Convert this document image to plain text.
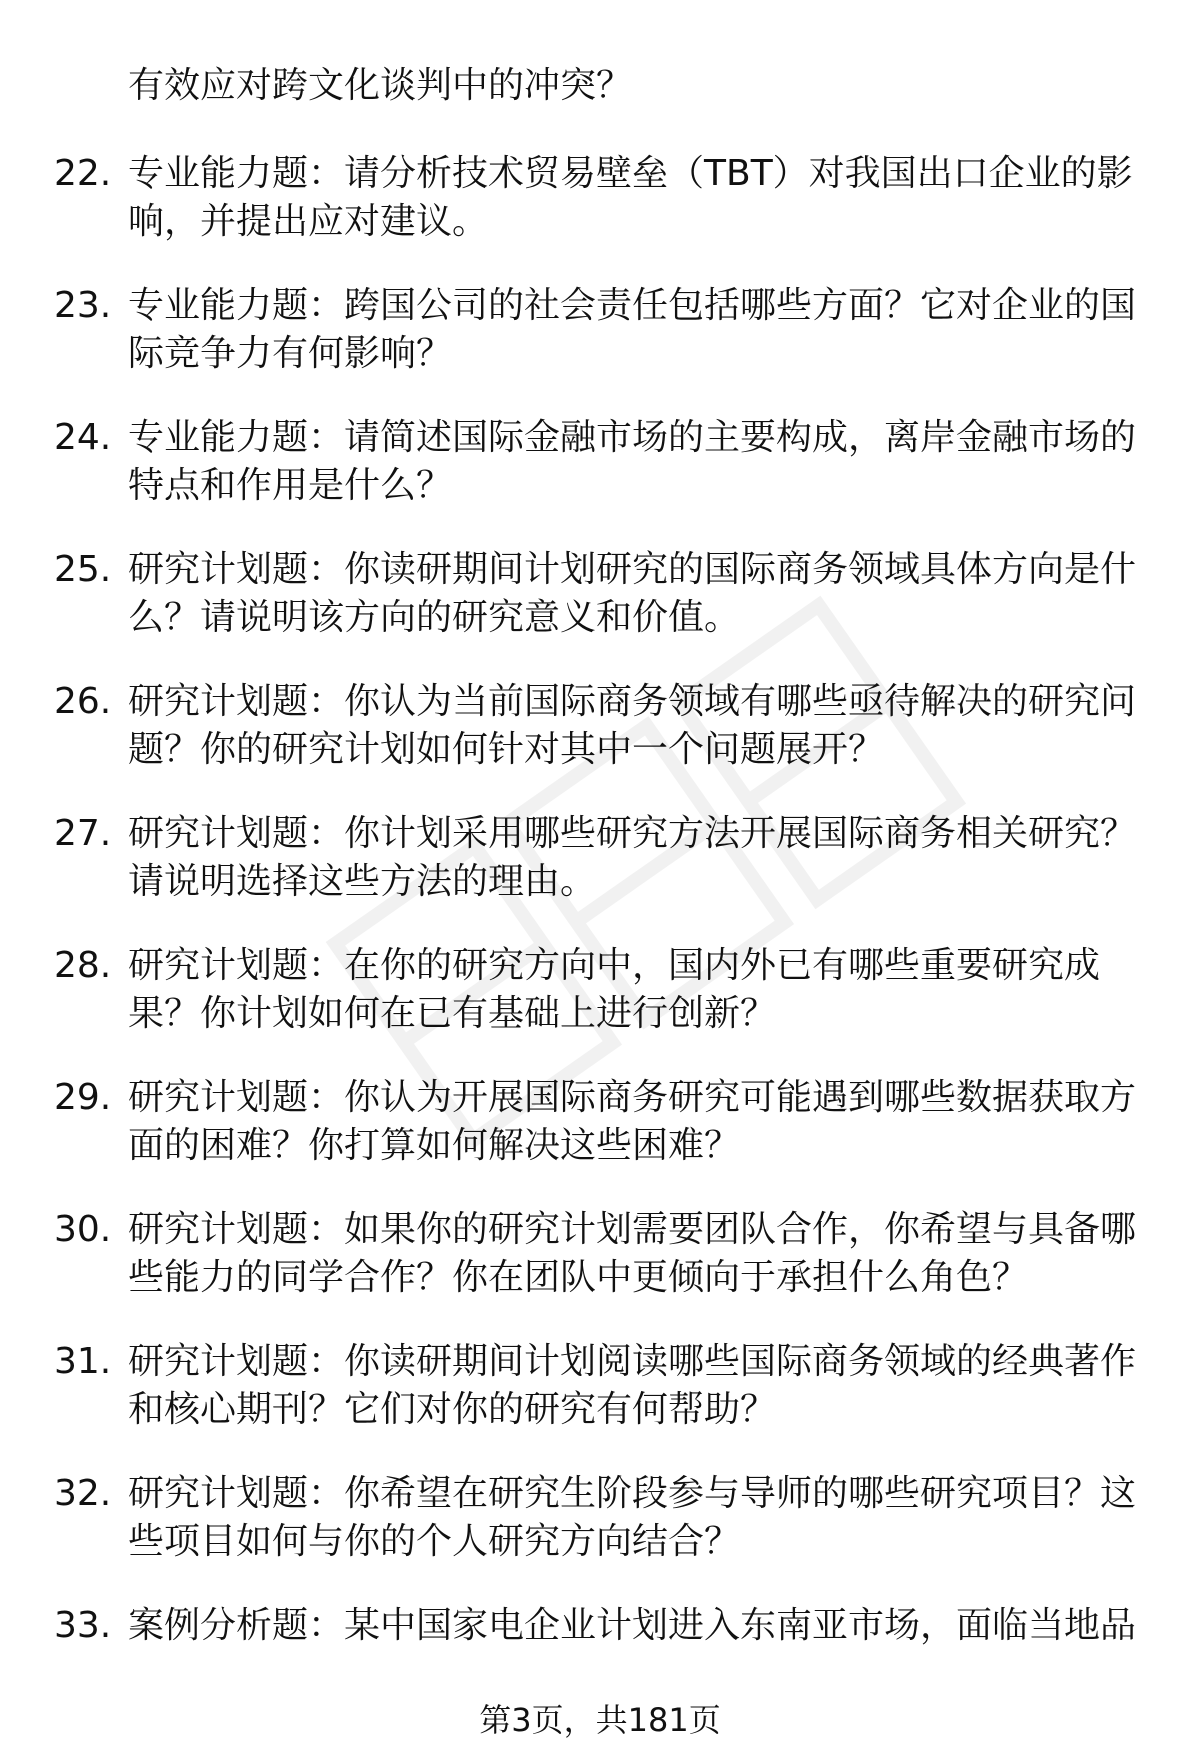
有效应对跨文化谈判中的冲突？

22. 专业能力题：请分析技术贸易壁垒（TBT）对我国出口企业的影响，并提出应对建议。
23. 专业能力题：跨国公司的社会责任包括哪些方面？它对企业的国际竞争力有何影响？
24. 专业能力题：请简述国际金融市场的主要构成，离岸金融市场的特点和作用是什么？
25. 研究计划题：你读研期间计划研究的国际商务领域具体方向是什么？请说明该方向的研究意义和价值。
26. 研究计划题：你认为当前国际商务领域有哪些亟待解决的研究问题？你的研究计划如何针对其中一个问题展开？
27. 研究计划题：你计划采用哪些研究方法开展国际商务相关研究？请说明选择这些方法的理由。
28. 研究计划题：在你的研究方向中，国内外已有哪些重要研究成果？你计划如何在已有基础上进行创新？
29. 研究计划题：你认为开展国际商务研究可能遇到哪些数据获取方面的困难？你打算如何解决这些困难？
30. 研究计划题：如果你的研究计划需要团队合作，你希望与具备哪些能力的同学合作？你在团队中更倾向于承担什么角色？
31. 研究计划题：你读研期间计划阅读哪些国际商务领域的经典著作和核心期刊？它们对你的研究有何帮助？
32. 研究计划题：你希望在研究生阶段参与导师的哪些研究项目？这些项目如何与你的个人研究方向结合？
33. 案例分析题：某中国家电企业计划进入东南亚市场，面临当地品
第3页，共181页
